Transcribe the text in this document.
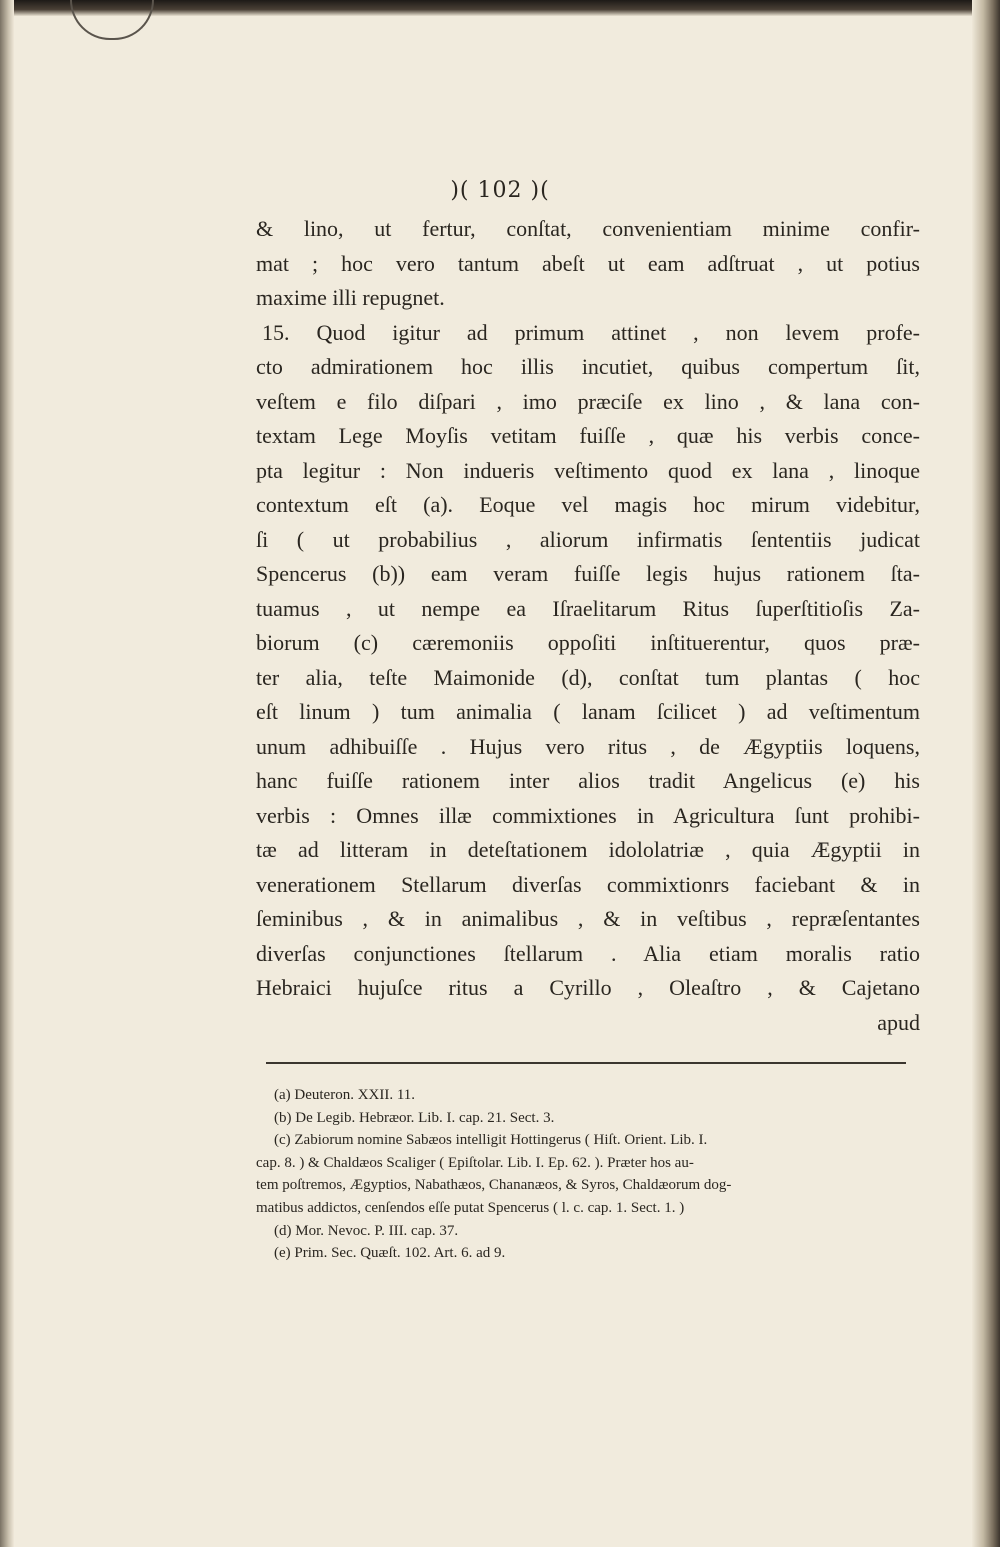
)( 102 )(
& lino, ut fertur, conſtat, convenientiam minime confir-
mat ; hoc vero tantum abeſt ut eam adſtruat , ut potius
maxime illi repugnet.
15. Quod igitur ad primum attinet , non levem profe-
cto admirationem hoc illis incutiet, quibus compertum ſit,
veſtem e filo diſpari , imo præciſe ex lino , & lana con-
textam Lege Moyſis vetitam fuiſſe , quæ his verbis conce-
pta legitur : Non indueris veſtimento quod ex lana , linoque
contextum eſt (a). Eoque vel magis hoc mirum videbitur,
ſi ( ut probabilius , aliorum infirmatis ſententiis judicat
Spencerus (b)) eam veram fuiſſe legis hujus rationem ſta-
tuamus , ut nempe ea Iſraelitarum Ritus ſuperſtitioſis Za-
biorum (c) cæremoniis oppoſiti inſtituerentur, quos præ-
ter alia, teſte Maimonide (d), conſtat tum plantas ( hoc
eſt linum ) tum animalia ( lanam ſcilicet ) ad veſtimentum
unum adhibuiſſe . Hujus vero ritus , de Ægyptiis loquens,
hanc fuiſſe rationem inter alios tradit Angelicus (e) his
verbis : Omnes illæ commixtiones in Agricultura ſunt prohibi-
tæ ad litteram in deteſtationem idololatriæ , quia Ægyptii in
venerationem Stellarum diverſas commixtionrs faciebant & in
ſeminibus , & in animalibus , & in veſtibus , repræſentantes
diverſas conjunctiones ſtellarum . Alia etiam moralis ratio
Hebraici hujuſce ritus a Cyrillo , Oleaſtro , & Cajetano
apud
(a) Deuteron. XXII. 11.
(b) De Legib. Hebræor. Lib. I. cap. 21. Sect. 3.
(c) Zabiorum nomine Sabæos intelligit Hottingerus ( Hiſt. Orient. Lib. I.
cap. 8. ) & Chaldæos Scaliger ( Epiſtolar. Lib. I. Ep. 62. ). Præter hos au-
tem poſtremos, Ægyptios, Nabathæos, Chananæos, & Syros, Chaldæorum dog-
matibus addictos, cenſendos eſſe putat Spencerus ( l. c. cap. 1. Sect. 1. )
(d) Mor. Nevoc. P. III. cap. 37.
(e) Prim. Sec. Quæſt. 102. Art. 6. ad 9.
